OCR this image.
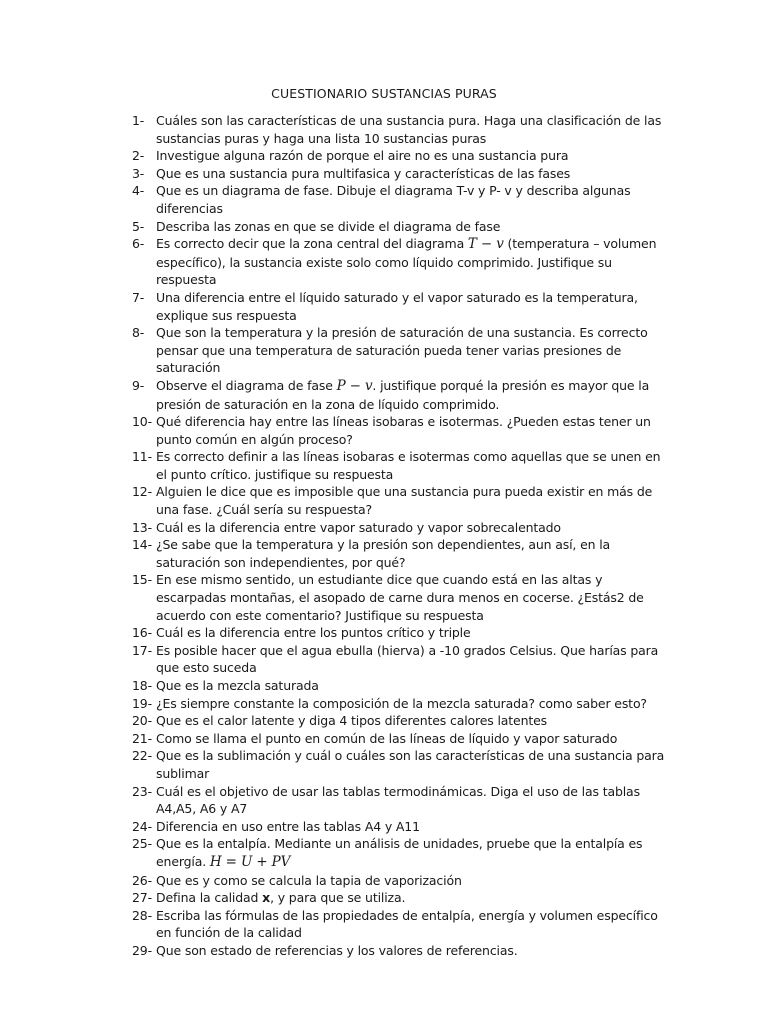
CUESTIONARIO SUSTANCIAS PURAS
1- Cuáles son las características de una sustancia pura. Haga una clasificación de las sustancias puras y haga una lista 10 sustancias puras
2- Investigue alguna razón de porque el aire no es una sustancia pura
3- Que es una sustancia pura multifasica y características de las fases
4- Que es un diagrama de fase. Dibuje el diagrama T-v y P- v y describa algunas diferencias
5- Describa las zonas en que se divide el diagrama de fase
6- Es correcto decir que la zona central del diagrama T − v (temperatura – volumen específico), la sustancia existe solo como líquido comprimido. Justifique su respuesta
7- Una diferencia entre el líquido saturado y el vapor saturado es la temperatura, explique sus respuesta
8- Que son la temperatura y la presión de saturación de una sustancia. Es correcto pensar que una temperatura de saturación pueda tener varias presiones de saturación
9- Observe el diagrama de fase P − v. justifique porqué la presión es mayor que la presión de saturación en la zona de líquido comprimido.
10- Qué diferencia hay entre las líneas isobaras e isotermas. ¿Pueden estas tener un punto común en algún proceso?
11- Es correcto definir a las líneas isobaras e isotermas como aquellas que se unen en el punto crítico. justifique su respuesta
12- Alguien le dice que es imposible que una sustancia pura pueda existir en más de una fase. ¿Cuál sería su respuesta?
13- Cuál es la diferencia entre vapor saturado y vapor sobrecalentado
14- ¿Se sabe que la temperatura y la presión son dependientes, aun así, en la saturación son independientes, por qué?
15- En ese mismo sentido, un estudiante dice que cuando está en las altas y escarpadas montañas, el asopado de carne dura menos en cocerse. ¿Estás2 de acuerdo con este comentario? Justifique su respuesta
16- Cuál es la diferencia entre los puntos crítico y triple
17- Es posible hacer que el agua ebulla (hierva) a -10 grados Celsius. Que harías para que esto suceda
18- Que es la mezcla saturada
19- ¿Es siempre constante la composición de la mezcla saturada? como saber esto?
20- Que es el calor latente y diga 4 tipos diferentes calores latentes
21- Como se llama el punto en común de las líneas de líquido y vapor saturado
22- Que es la sublimación y cuál o cuáles son las características de una sustancia para sublimar
23- Cuál es el objetivo de usar las tablas termodinámicas. Diga el uso de las tablas A4,A5, A6 y A7
24- Diferencia en uso entre las tablas A4 y A11
25- Que es la entalpía. Mediante un análisis de unidades, pruebe que la entalpía es energía. H = U + PV
26- Que es y como se calcula la tapia de vaporización
27- Defina la calidad x, y para que se utiliza.
28- Escriba las fórmulas de las propiedades de entalpía, energía y volumen específico en función de la calidad
29- Que son estado de referencias y los valores de referencias.
